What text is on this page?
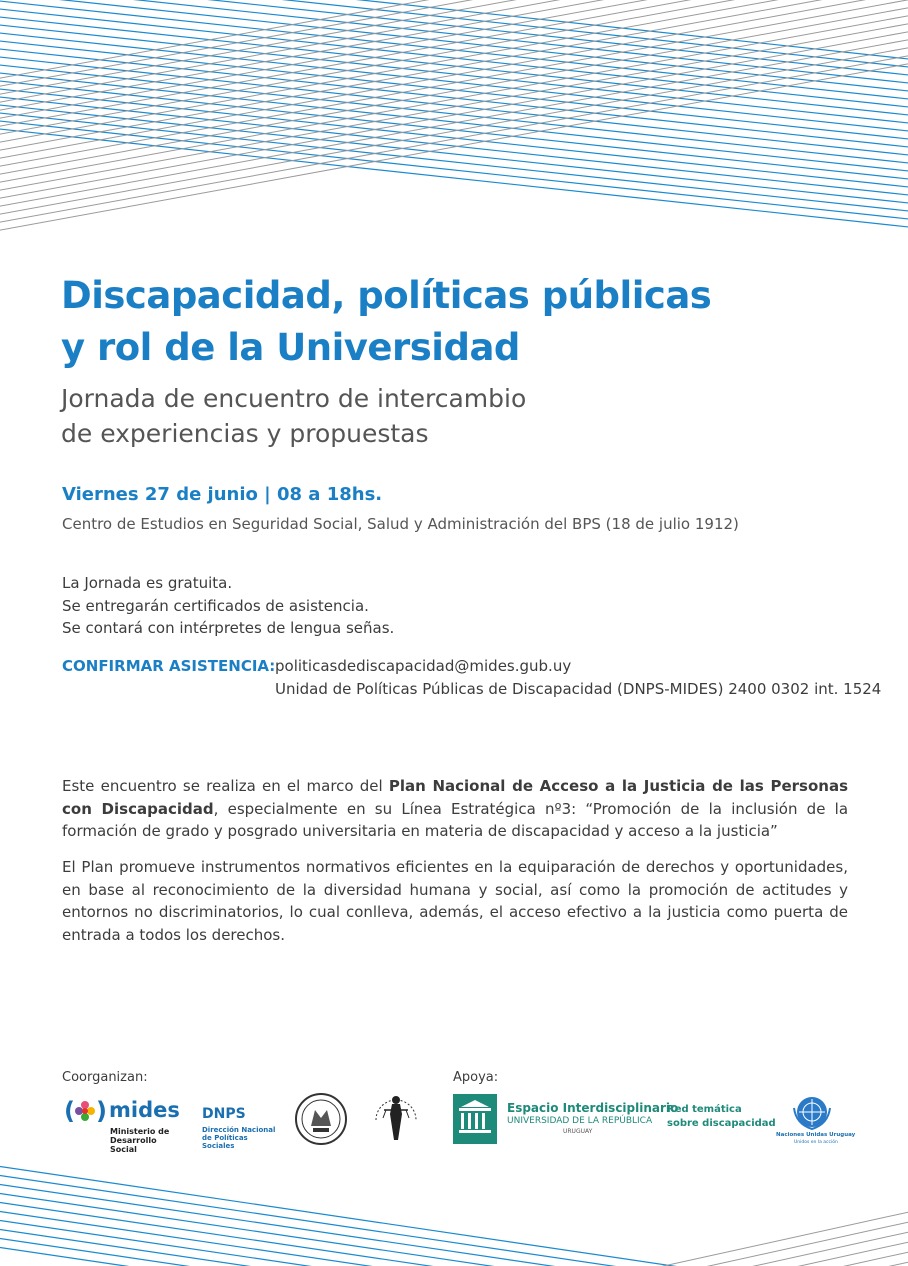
Discapacidad, políticas públicas
y rol de la Universidad
Jornada de encuentro de intercambio
de experiencias y propuestas
Viernes 27 de junio | 08 a 18hs.
Centro de Estudios en Seguridad Social, Salud y Administración del BPS (18 de julio 1912)
La Jornada es gratuita.
Se entregarán certificados de asistencia.
Se contará con intérpretes de lengua señas.
CONFIRMAR ASISTENCIA: politicasdediscapacidad@mides.gub.uy
Unidad de Políticas Públicas de Discapacidad (DNPS-MIDES) 2400 0302 int. 1524
Este encuentro se realiza en el marco del Plan Nacional de Acceso a la Justicia de las Personas con Discapacidad, especialmente en su Línea Estratégica nº3: “Promoción de la inclusión de la formación de grado y posgrado universitaria en materia de discapacidad y acceso a la justicia”
El Plan promueve instrumentos normativos eficientes en la equiparación de derechos y oportunidades, en base al reconocimiento de la diversidad humana y social, así como la promoción de actitudes y entornos no discriminatorios, lo cual conlleva, además, el acceso efectivo a la justicia como puerta de entrada a todos los derechos.
Coorganizan:	Apoya:
( ) mides
Ministerio de
Desarrollo Social
DNPS
Dirección Nacional
de Políticas Sociales
Espacio Interdisciplinario
UNIVERSIDAD DE LA REPÚBLICA
URUGUAY
Red temática
sobre discapacidad
Naciones Unidas Uruguay
Unidos en la acción
